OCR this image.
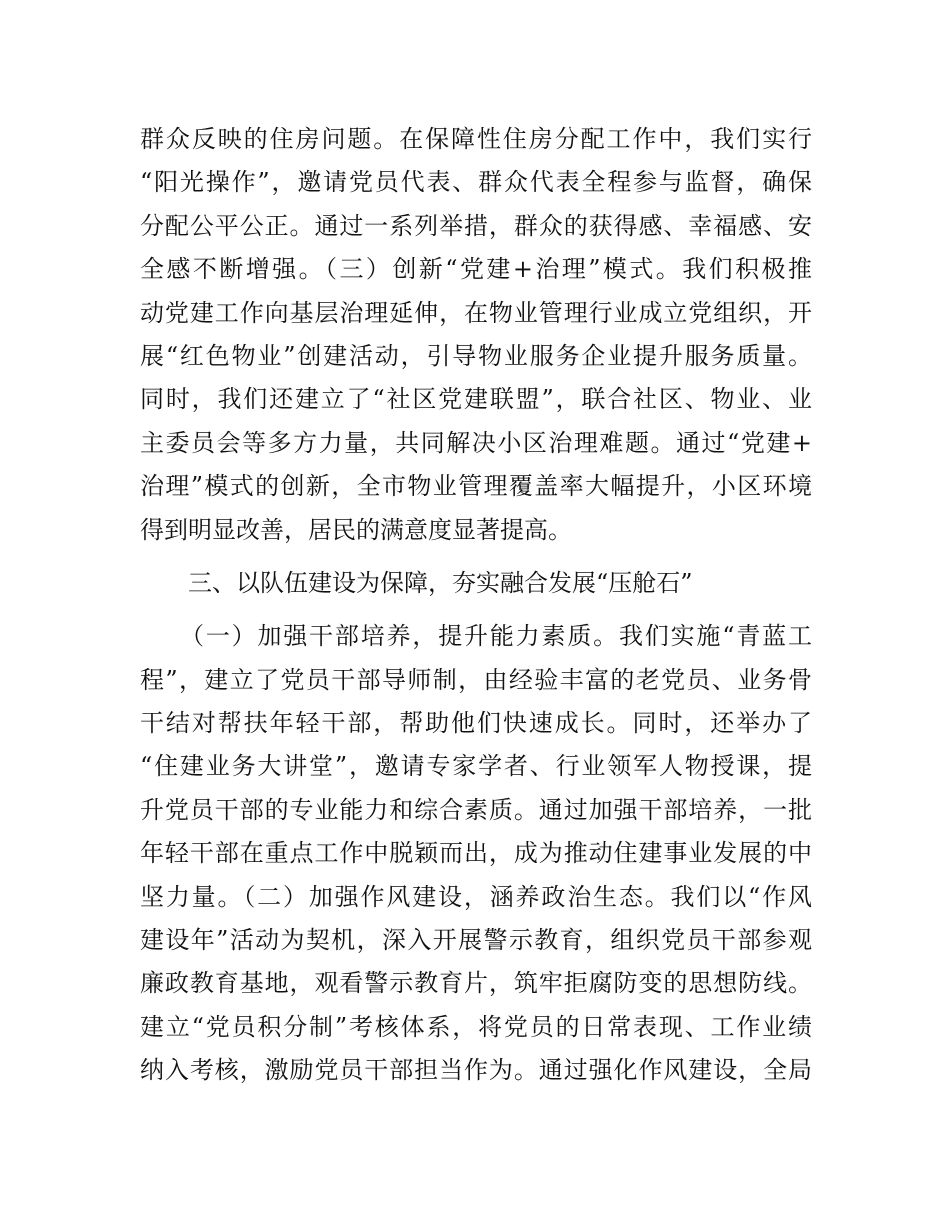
群众反映的住房问题。在保障性住房分配工作中，我们实行
“阳光操作”，邀请党员代表、群众代表全程参与监督，确保
分配公平公正。通过一系列举措，群众的获得感、幸福感、安
全感不断增强。（三）创新“党建+治理”模式。我们积极推
动党建工作向基层治理延伸，在物业管理行业成立党组织，开
展“红色物业”创建活动，引导物业服务企业提升服务质量。
同时，我们还建立了“社区党建联盟”，联合社区、物业、业
主委员会等多方力量，共同解决小区治理难题。通过“党建+
治理”模式的创新，全市物业管理覆盖率大幅提升，小区环境
得到明显改善，居民的满意度显著提高。
三、以队伍建设为保障，夯实融合发展“压舱石”
（一）加强干部培养，提升能力素质。我们实施“青蓝工
程”，建立了党员干部导师制，由经验丰富的老党员、业务骨
干结对帮扶年轻干部，帮助他们快速成长。同时，还举办了
“住建业务大讲堂”，邀请专家学者、行业领军人物授课，提
升党员干部的专业能力和综合素质。通过加强干部培养，一批
年轻干部在重点工作中脱颖而出，成为推动住建事业发展的中
坚力量。（二）加强作风建设，涵养政治生态。我们以“作风
建设年”活动为契机，深入开展警示教育，组织党员干部参观
廉政教育基地，观看警示教育片，筑牢拒腐防变的思想防线。
建立“党员积分制”考核体系，将党员的日常表现、工作业绩
纳入考核，激励党员干部担当作为。通过强化作风建设，全局
